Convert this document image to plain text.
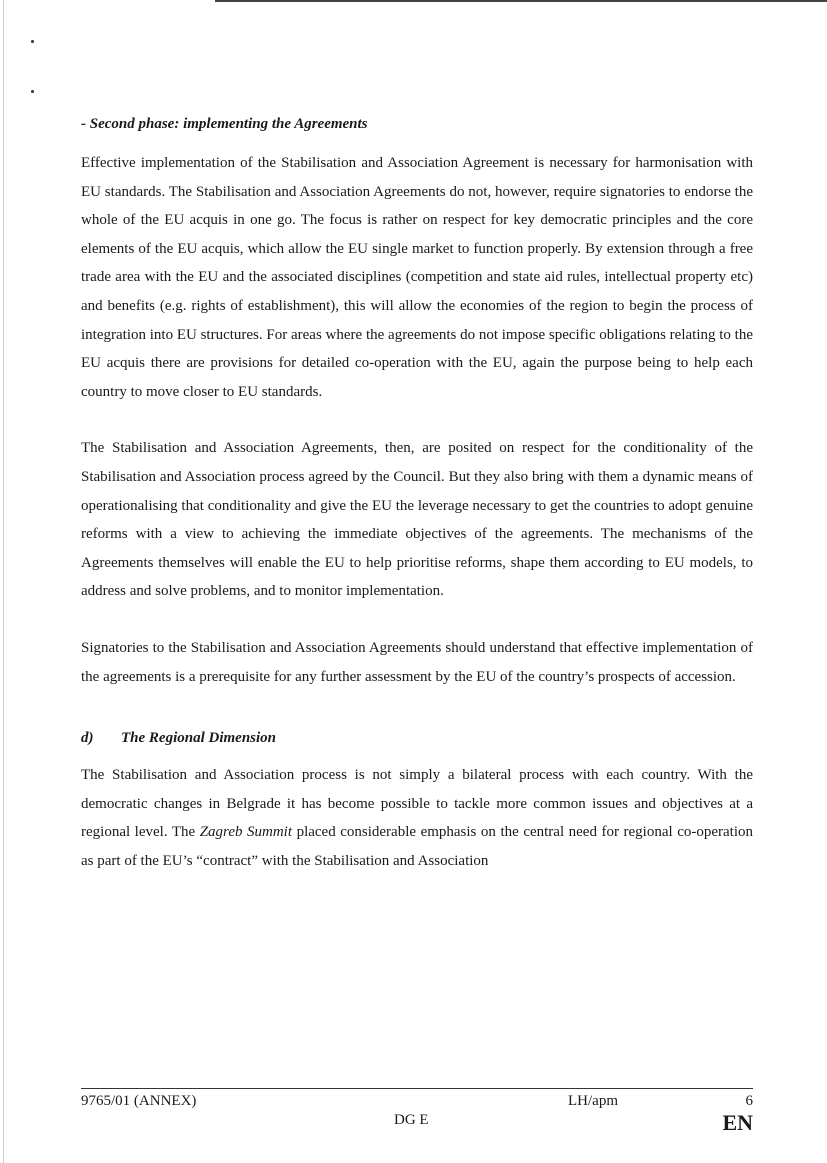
- Second phase: implementing the Agreements

Effective implementation of the Stabilisation and Association Agreement is necessary for harmonisation with EU standards. The Stabilisation and Association Agreements do not, however, require signatories to endorse the whole of the EU acquis in one go. The focus is rather on respect for key democratic principles and the core elements of the EU acquis, which allow the EU single market to function properly. By extension through a free trade area with the EU and the associated disciplines (competition and state aid rules, intellectual property etc) and benefits (e.g. rights of establishment), this will allow the economies of the region to begin the process of integration into EU structures. For areas where the agreements do not impose specific obligations relating to the EU acquis there are provisions for detailed co-operation with the EU, again the purpose being to help each country to move closer to EU standards.

The Stabilisation and Association Agreements, then, are posited on respect for the conditionality of the Stabilisation and Association process agreed by the Council. But they also bring with them a dynamic means of operationalising that conditionality and give the EU the leverage necessary to get the countries to adopt genuine reforms with a view to achieving the immediate objectives of the agreements. The mechanisms of the Agreements themselves will enable the EU to help prioritise reforms, shape them according to EU models, to address and solve problems, and to monitor implementation.

Signatories to the Stabilisation and Association Agreements should understand that effective implementation of the agreements is a prerequisite for any further assessment by the EU of the country’s prospects of accession.

d)	The Regional Dimension

The Stabilisation and Association process is not simply a bilateral process with each country. With the democratic changes in Belgrade it has become possible to tackle more common issues and objectives at a regional level. The Zagreb Summit placed considerable emphasis on the central need for regional co-operation as part of the EU’s “contract” with the Stabilisation and Association

9765/01 (ANNEX)	LH/apm	6
DG E	EN
